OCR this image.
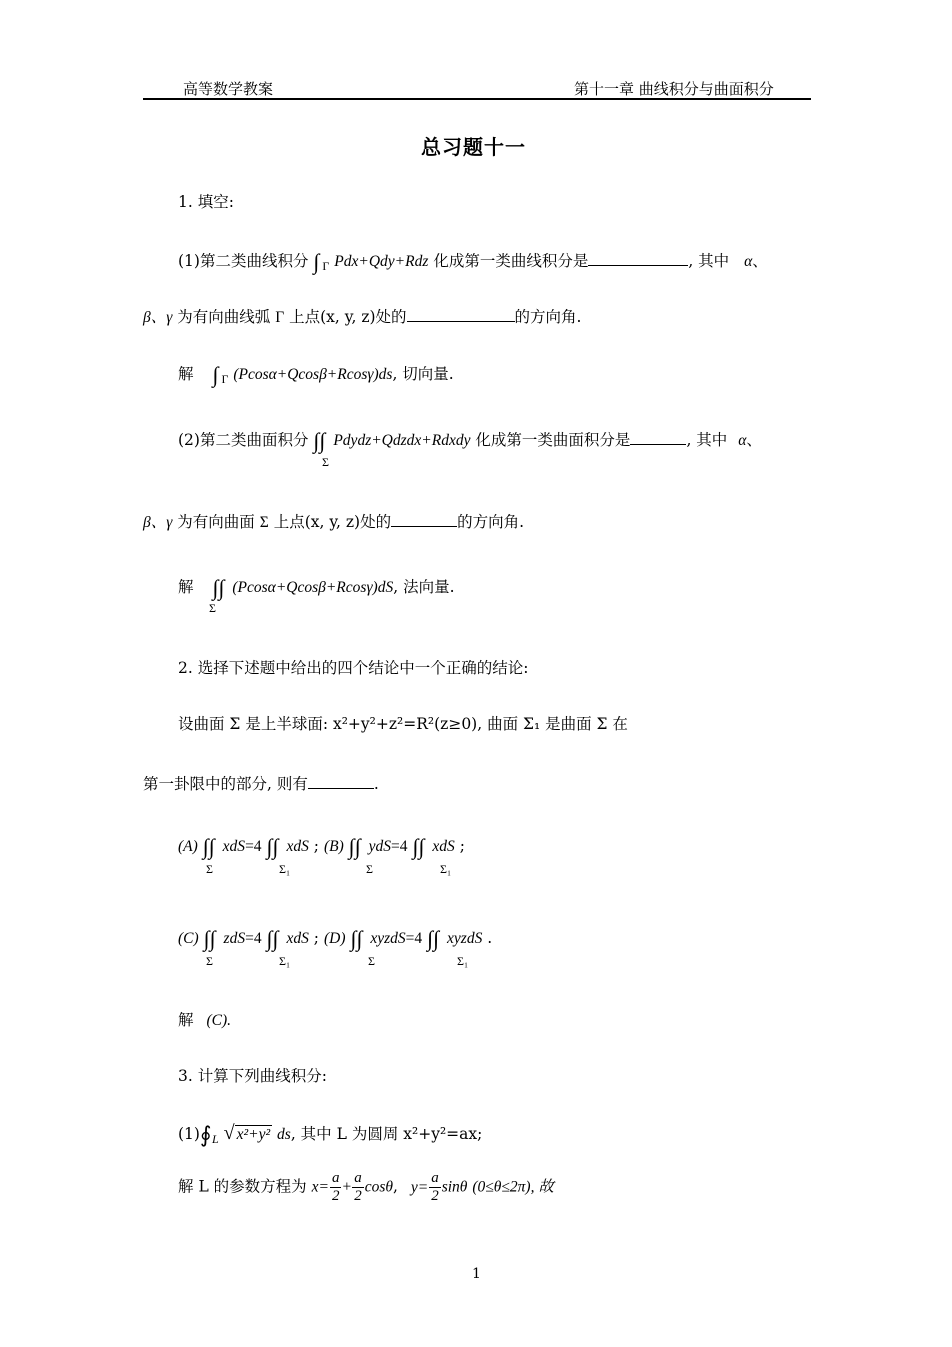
高等数学教案	第十一章 曲线积分与曲面积分
总习题十一
1. 填空:
(1)第二类曲线积分 ∫ $_\Gamma$ Pdx+Qdy+Rdz 化成第一类曲线积分是	, 其中 α、
β、γ 为有向曲线弧 Γ 上点(x, y, z)处的	的方向角.
解 ∫ $_\Gamma$ (Pcosα+Qcosβ+Rcosγ)ds, 切向量.
(2)第二类曲面积分 ∫∫ Pdydz+Qdzdx+Rdxdy 化成第一类曲面积分是	, 其中 α、
Σ
β、γ 为有向曲面 Σ 上点(x, y, z)处的	的方向角.
解 ∫∫ (Pcosα+Qcosβ+Rcosγ)dS, 法向量.
Σ
2. 选择下述题中给出的四个结论中一个正确的结论:
设曲面 Σ 是上半球面: x²+y²+z²=R²(z≥0), 曲面 Σ₁ 是曲面 Σ 在
第一卦限中的部分, 则有	.
(A) ∫∫ xdS=4 ∫∫ xdS ; (B) ∫∫ ydS=4 ∫∫ xdS ;
Σ	Σ₁	Σ	Σ₁
(C) ∫∫ zdS=4 ∫∫ xdS ; (D) ∫∫ xyzdS=4 ∫∫ xyzdS .
Σ	Σ₁	Σ	Σ₁
解 (C).
3. 计算下列曲线积分:
$(1)∮_L$ √ x²+y² ds, 其中 L 为圆周 x²+y²=ax;
解 L 的参数方程为 $x= \frac{a}{2} + \frac{a}{2} \cos\theta$, $y= \frac{a}{2}$ sinθ (0≤θ≤2π), 故
1
